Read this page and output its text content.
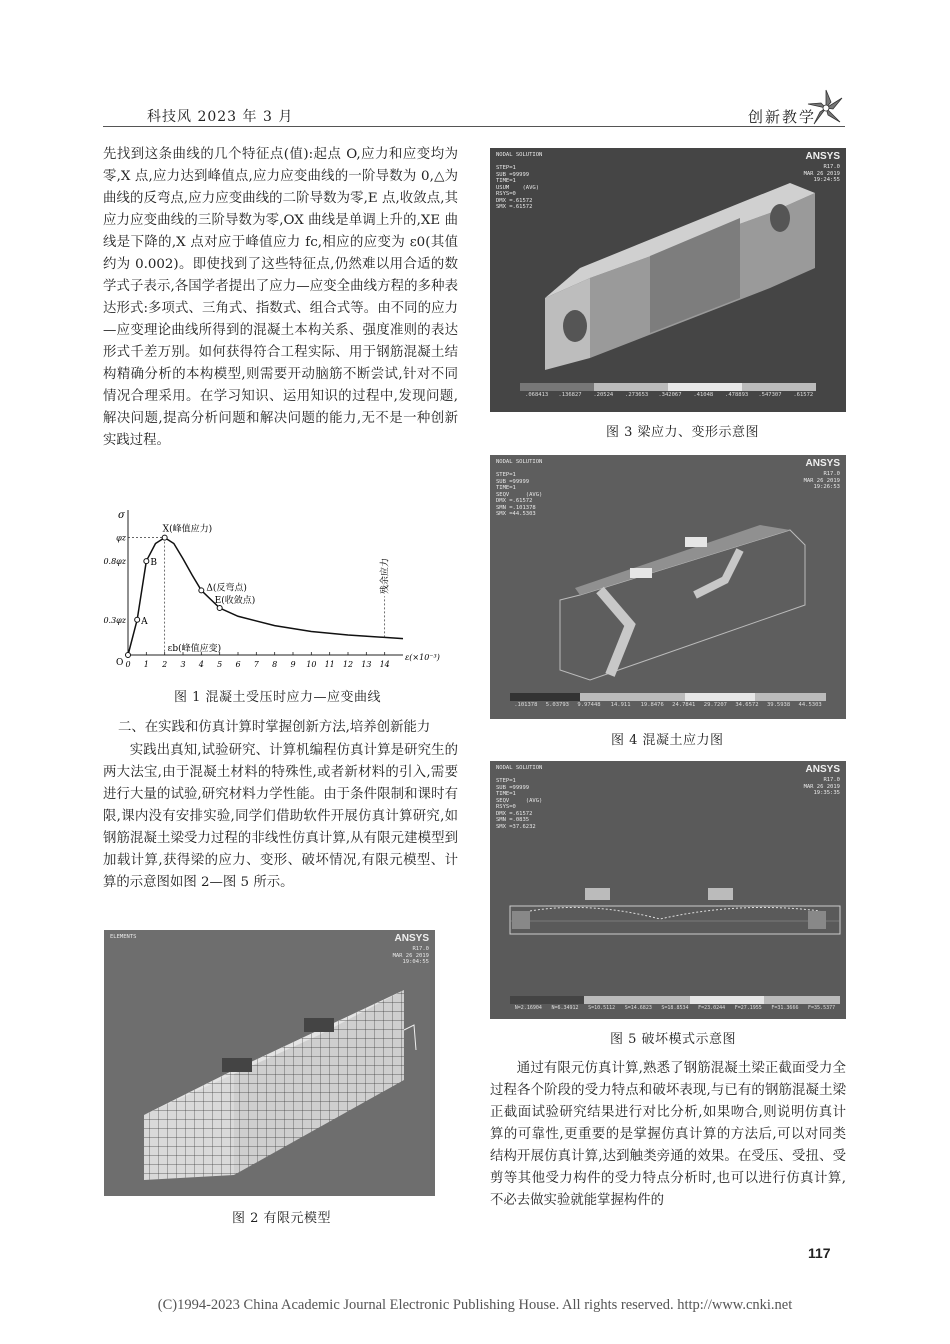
科技风 2023 年 3 月	创新教学

先找到这条曲线的几个特征点(值):起点 O,应力和应变均为零,X 点,应力达到峰值点,应力应变曲线的一阶导数为 0,△为曲线的反弯点,应力应变曲线的二阶导数为零,E 点,收敛点,其应力应变曲线的三阶导数为零,OX 曲线是单调上升的,XE 曲线是下降的,X 点对应于峰值应力 fc,相应的应变为 ε0(其值约为 0.002)。即使找到了这些特征点,仍然难以用合适的数学式子表示,各国学者提出了应力—应变全曲线方程的多种表达形式:多项式、三角式、指数式、组合式等。由不同的应力—应变理论曲线所得到的混凝土本构关系、强度准则的表达形式千差万别。如何获得符合工程实际、用于钢筋混凝土结构精确分析的本构模型,则需要开动脑筋不断尝试,针对不同情况合理采用。在学习知识、运用知识的过程中,发现问题,解决问题,提高分析问题和解决问题的能力,无不是一种创新实践过程。

σ
ε(×10⁻³)
0 1 2 3 4 5 6 7 8 9 10 11 12 13 14
φz
0.8φz
0.3φz
O
A
B
X(峰值应力)
Δ(反弯点)
E(收敛点)
εb(峰值应变)
残余应力
图 1 混凝土受压时应力—应变曲线
二、在实践和仿真计算时掌握创新方法,培养创新能力

实践出真知,试验研究、计算机编程仿真计算是研究生的两大法宝,由于混凝土材料的特殊性,或者新材料的引入,需要进行大量的试验,研究材料力学性能。由于条件限制和课时有限,课内没有安排实验,同学们借助软件开展仿真计算研究,如钢筋混凝土梁受力过程的非线性仿真计算,从有限元建模型到加载计算,获得梁的应力、变形、破坏情况,有限元模型、计算的示意图如图 2—图 5 所示。

ELEMENTS	ANSYS
R17.0
MAR 26 2019
19:04:55
图 2 有限元模型
NODAL SOLUTION

STEP=1
SUB =99999
TIME=1
USUM    (AVG)
RSYS=0
DMX =.61572
SMX =.61572
ANSYS
R17.0
MAR 26 2019
19:24:55
.068413 .136827 .20524 .273653 .342067 .41048 .478893 .547307 .61572
图 3 梁应力、变形示意图
NODAL SOLUTION

STEP=1
SUB =99999
TIME=1
SEQV     (AVG)
DMX =.61572
SMN =.101378
SMX =44.5303
ANSYS
R17.0
MAR 26 2019
19:26:53
.101378 5.03793 9.97448 14.911 19.8476 24.7841 29.7207 34.6572 39.5938 44.5303
图 4 混凝土应力图
NODAL SOLUTION

STEP=1
SUB =99999
TIME=1
SEQV     (AVG)
RSYS=0
DMX =.61572
SMN =.0835
SMX =37.6232
ANSYS
R17.0
MAR 26 2019
19:35:35
N=2.16904 N=6.34912 S=10.5112 S=14.6823 S=18.8534 F=23.0244 F=27.1955 F=31.3666 F=35.5377
图 5 破坏模式示意图

通过有限元仿真计算,熟悉了钢筋混凝土梁正截面受力全过程各个阶段的受力特点和破坏表现,与已有的钢筋混凝土梁正截面试验研究结果进行对比分析,如果吻合,则说明仿真计算的可靠性,更重要的是掌握仿真计算的方法后,可以对同类结构开展仿真计算,达到触类旁通的效果。在受压、受扭、受剪等其他受力构件的受力特点分析时,也可以进行仿真计算,不必去做实验就能掌握构件的

117
(C)1994-2023 China Academic Journal Electronic Publishing House. All rights reserved. http://www.cnki.net
